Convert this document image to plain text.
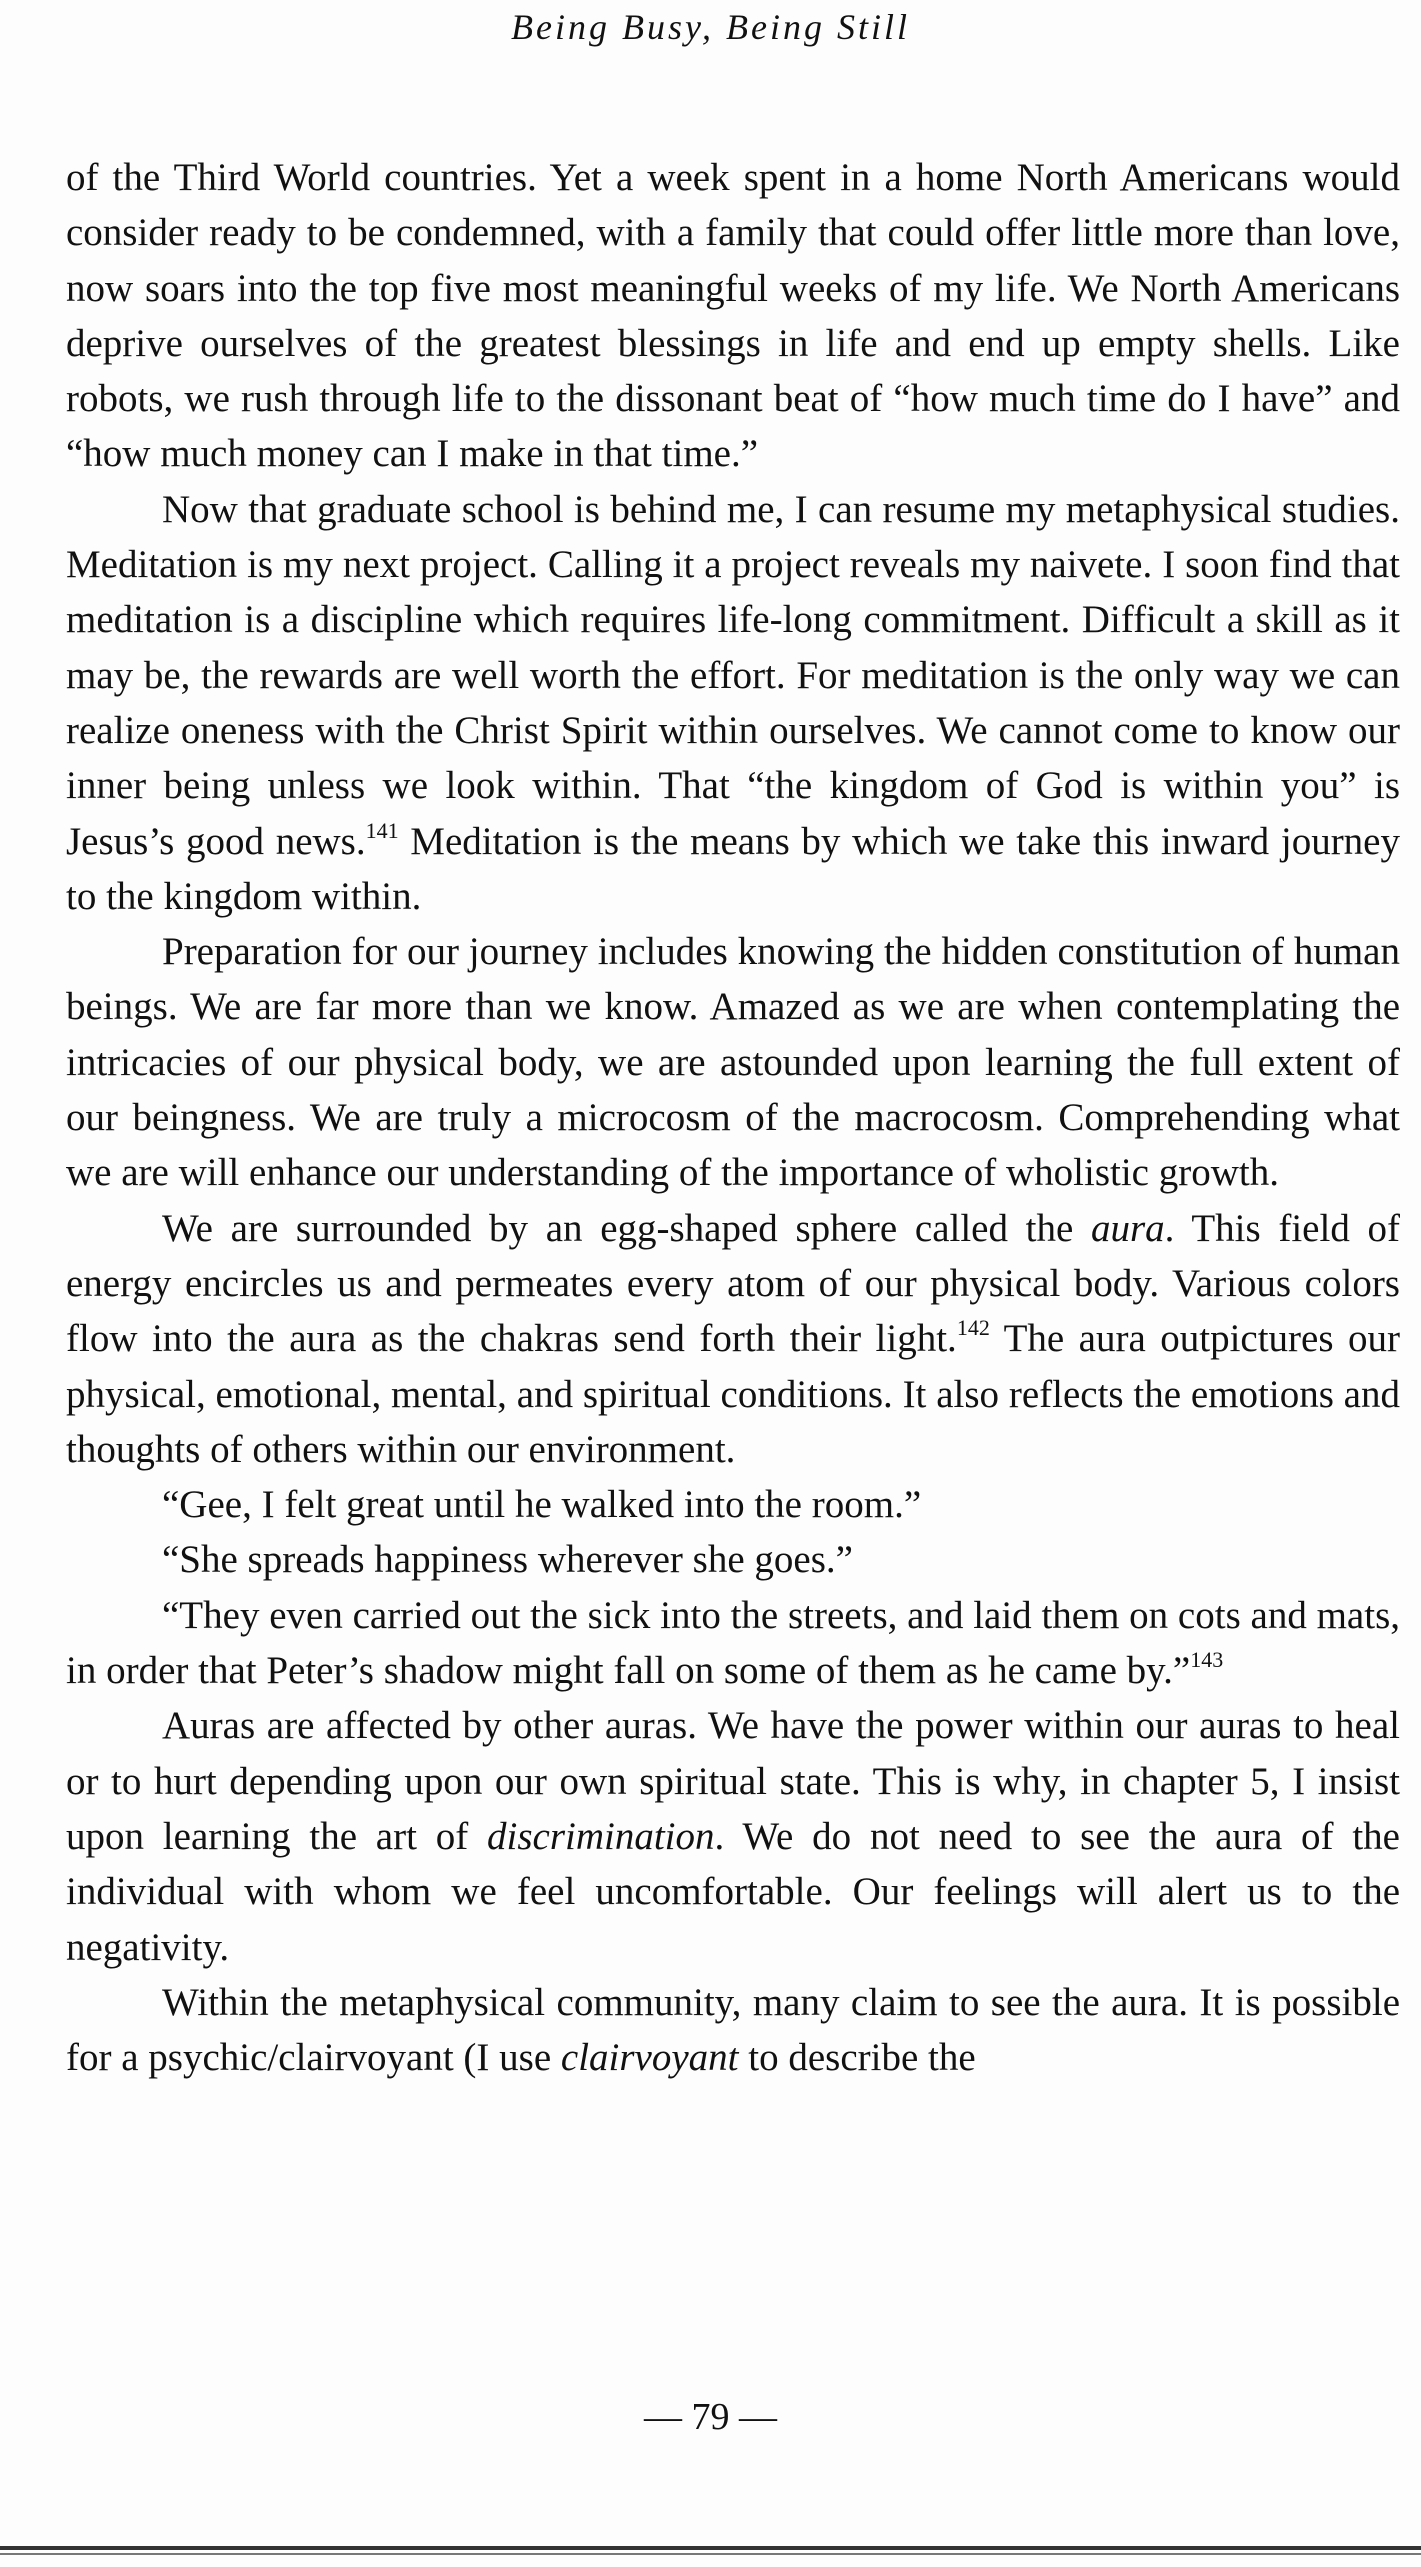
Being Busy, Being Still

of the Third World countries. Yet a week spent in a home North Americans would consider ready to be condemned, with a family that could offer little more than love, now soars into the top five most meaningful weeks of my life. We North Americans deprive ourselves of the greatest blessings in life and end up empty shells. Like robots, we rush through life to the dissonant beat of “how much time do I have” and “how much money can I make in that time.”

Now that graduate school is behind me, I can resume my metaphysical studies. Meditation is my next project. Calling it a project reveals my naivete. I soon find that meditation is a discipline which requires life-long commitment. Difficult a skill as it may be, the rewards are well worth the effort. For meditation is the only way we can realize oneness with the Christ Spirit within ourselves. We cannot come to know our inner being unless we look within. That “the kingdom of God is within you” is Jesus’s good news.$^{141}$ Meditation is the means by which we take this inward journey to the kingdom within.

Preparation for our journey includes knowing the hidden constitution of human beings. We are far more than we know. Amazed as we are when contemplating the intricacies of our physical body, we are astounded upon learning the full extent of our beingness. We are truly a microcosm of the macrocosm. Comprehending what we are will enhance our understanding of the importance of wholistic growth.

We are surrounded by an egg-shaped sphere called the aura. This field of energy encircles us and permeates every atom of our physical body. Various colors flow into the aura as the chakras send forth their light.$^{142}$ The aura outpictures our physical, emotional, mental, and spiritual conditions. It also reflects the emotions and thoughts of others within our environment.

“Gee, I felt great until he walked into the room.”

“She spreads happiness wherever she goes.”

“They even carried out the sick into the streets, and laid them on cots and mats, in order that Peter’s shadow might fall on some of them as he came by.”$^{143}$

Auras are affected by other auras. We have the power within our auras to heal or to hurt depending upon our own spiritual state. This is why, in chapter 5, I insist upon learning the art of discrimination. We do not need to see the aura of the individual with whom we feel uncomfortable. Our feelings will alert us to the negativity.

Within the metaphysical community, many claim to see the aura. It is possible for a psychic/clairvoyant (I use clairvoyant to describe the

— 79 —
